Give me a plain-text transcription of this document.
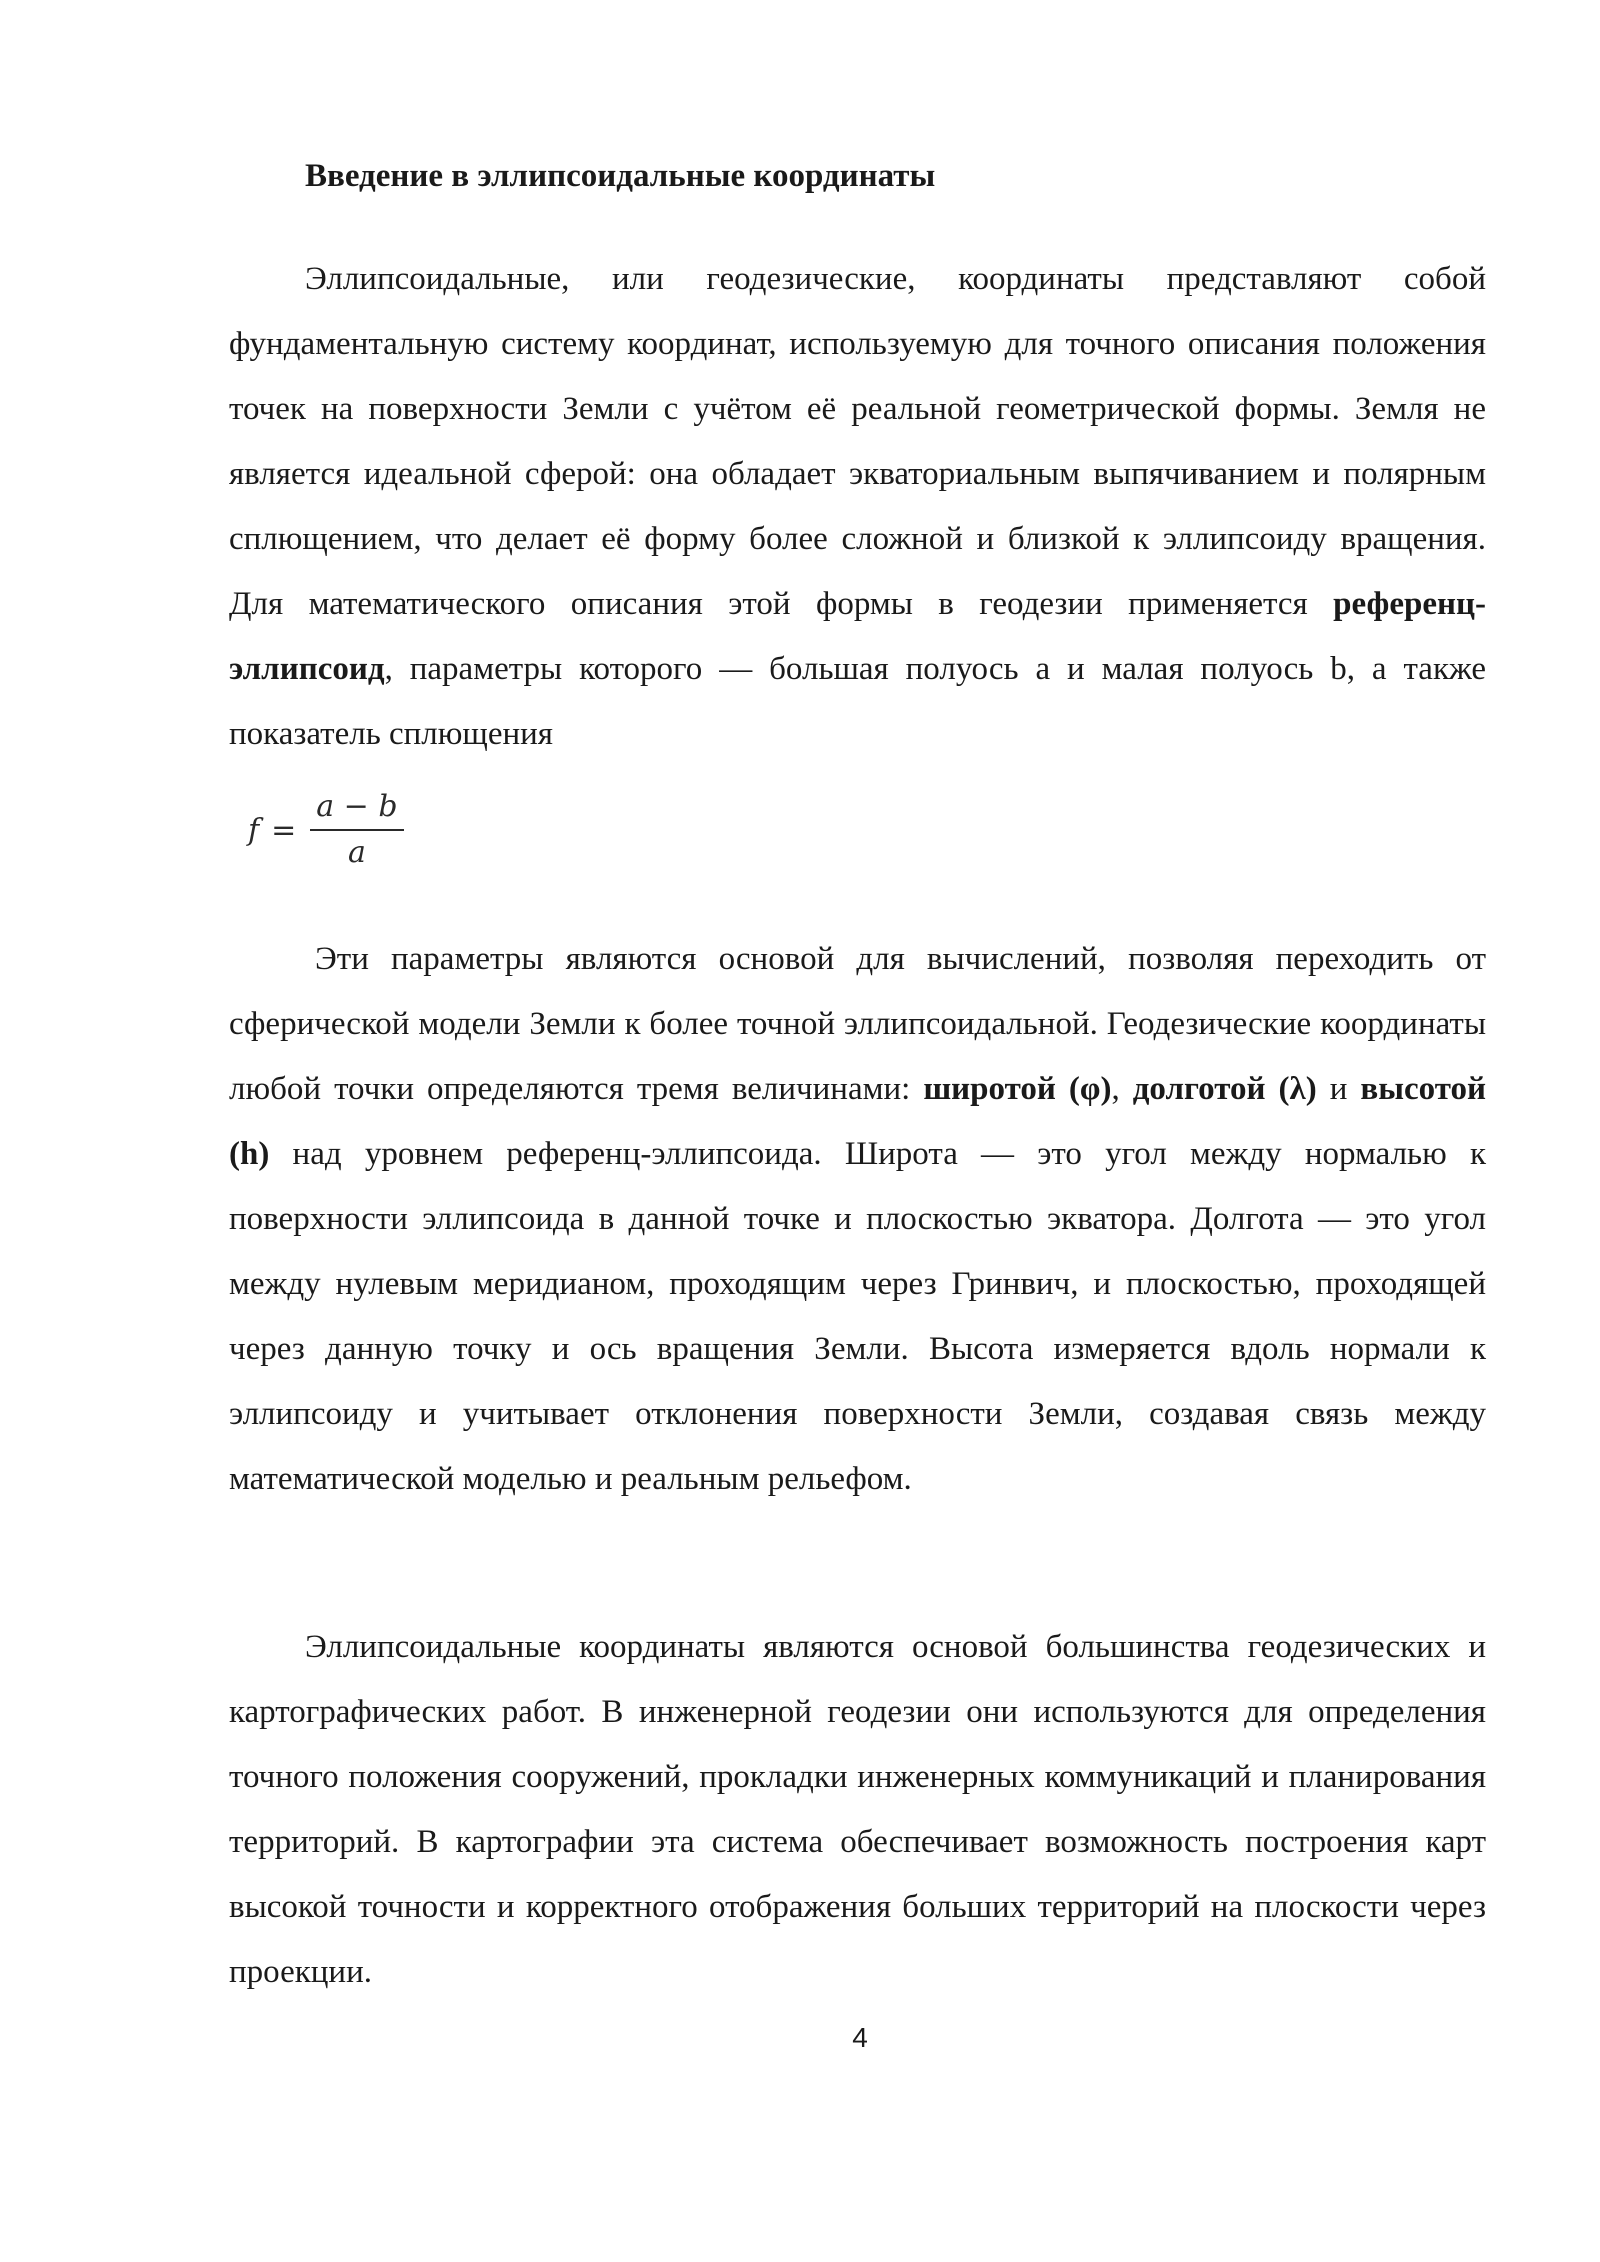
Введение в эллипсоидальные координаты

Эллипсоидальные, или геодезические, координаты представляют собой фундаментальную систему координат, используемую для точного описания положения точек на поверхности Земли с учётом её реальной геометрической формы. Земля не является идеальной сферой: она обладает экваториальным выпячиванием и полярным сплющением, что делает её форму более сложной и близкой к эллипсоиду вращения. Для математического описания этой формы в геодезии применяется референц-эллипсоид, параметры которого — большая полуось a и малая полуось b, а также показатель сплющения

$f = \frac{a - b}{a}$

Эти параметры являются основой для вычислений, позволяя переходить от сферической модели Земли к более точной эллипсоидальной. Геодезические координаты любой точки определяются тремя величинами: широтой (φ), долготой (λ) и высотой (h) над уровнем референц-эллипсоида. Широта — это угол между нормалью к поверхности эллипсоида в данной точке и плоскостью экватора. Долгота — это угол между нулевым меридианом, проходящим через Гринвич, и плоскостью, проходящей через данную точку и ось вращения Земли. Высота измеряется вдоль нормали к эллипсоиду и учитывает отклонения поверхности Земли, создавая связь между математической моделью и реальным рельефом.

Эллипсоидальные координаты являются основой большинства геодезических и картографических работ. В инженерной геодезии они используются для определения точного положения сооружений, прокладки инженерных коммуникаций и планирования территорий. В картографии эта система обеспечивает возможность построения карт высокой точности и корректного отображения больших территорий на плоскости через проекции.

4
